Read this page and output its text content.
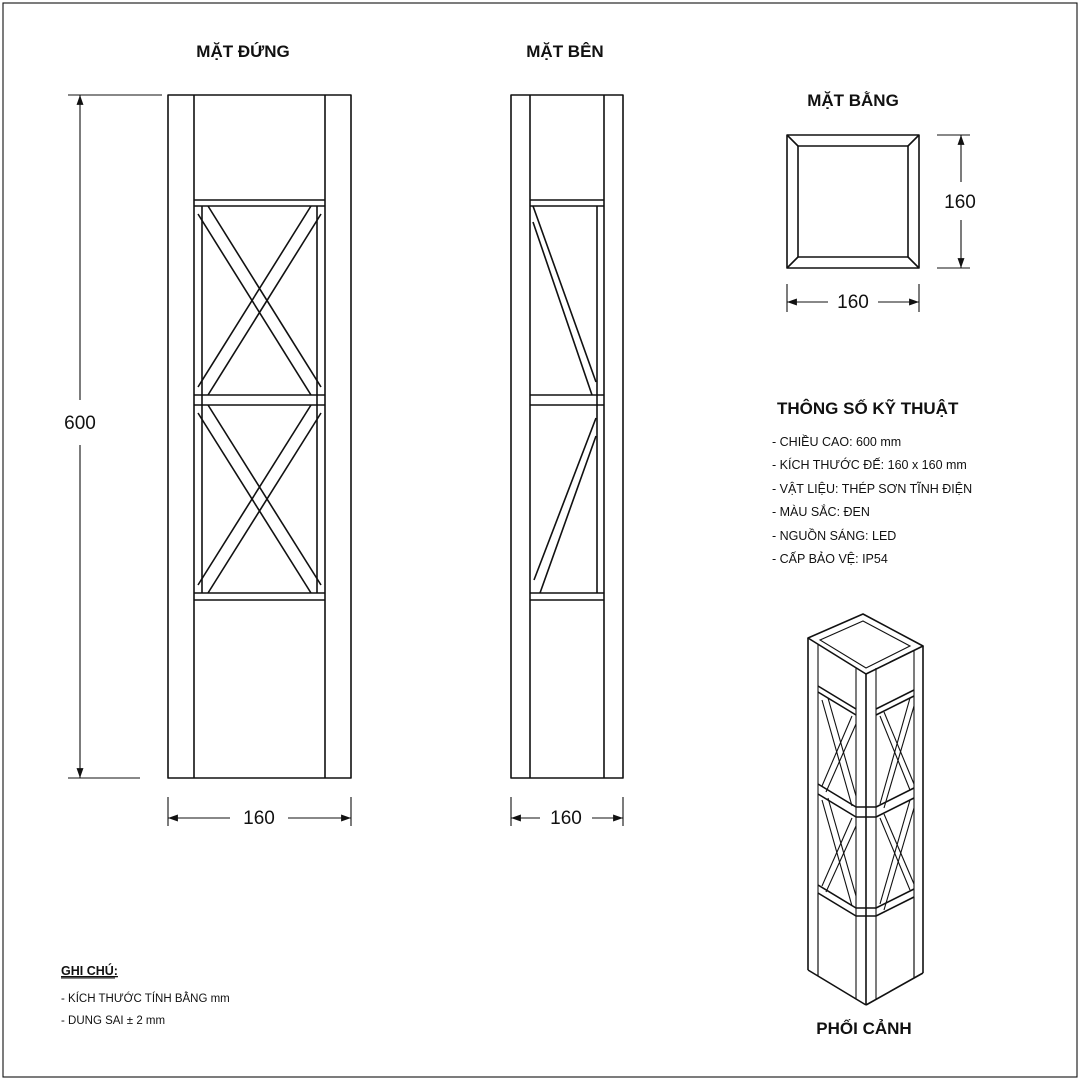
MẶT ĐỨNG
600
160
MẶT BÊN
160
MẶT BẰNG
160
160
THÔNG SỐ KỸ THUẬT
- CHIỀU CAO: 600 mm
- KÍCH THƯỚC ĐẾ: 160 x 160 mm
- VẬT LIỆU: THÉP SƠN TĨNH ĐIỆN
- MÀU SẮC: ĐEN
- NGUỒN SÁNG: LED
- CẤP BẢO VỆ: IP54
PHỐI CẢNH
GHI CHÚ:
- KÍCH THƯỚC TÍNH BẰNG mm
- DUNG SAI ± 2 mm
